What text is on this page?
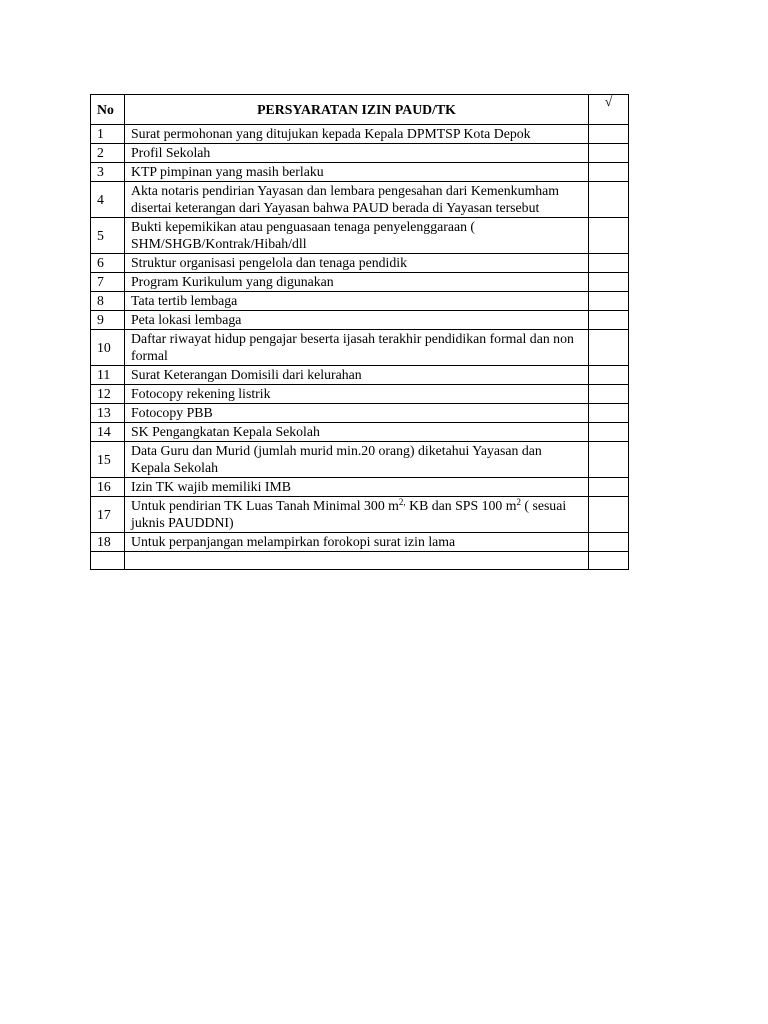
No	PERSYARATAN IZIN PAUD/TK	√
1	Surat permohonan yang ditujukan kepada Kepala DPMTSP Kota Depok	
2	Profil Sekolah	
3	KTP pimpinan yang masih berlaku	
4	Akta notaris pendirian Yayasan dan lembara pengesahan dari Kemenkumham disertai keterangan dari Yayasan bahwa PAUD berada di Yayasan tersebut	
5	Bukti kepemikikan atau penguasaan tenaga penyelenggaraan ( SHM/SHGB/Kontrak/Hibah/dll	
6	Struktur organisasi pengelola dan tenaga pendidik	
7	Program Kurikulum yang digunakan	
8	Tata tertib lembaga	
9	Peta lokasi lembaga	
10	Daftar riwayat hidup pengajar beserta ijasah terakhir pendidikan formal dan non formal	
11	Surat Keterangan Domisili dari kelurahan	
12	Fotocopy rekening listrik	
13	Fotocopy PBB	
14	SK Pengangkatan Kepala Sekolah	
15	Data Guru dan Murid (jumlah murid min.20 orang) diketahui Yayasan dan Kepala Sekolah	
16	Izin TK wajib memiliki IMB	
17	Untuk pendirian TK Luas Tanah Minimal 300 $m^{2,}$ KB dan SPS 100 $m^2$ ( sesuai juknis PAUDDNI)	
18	Untuk perpanjangan melampirkan forokopi surat izin lama	
